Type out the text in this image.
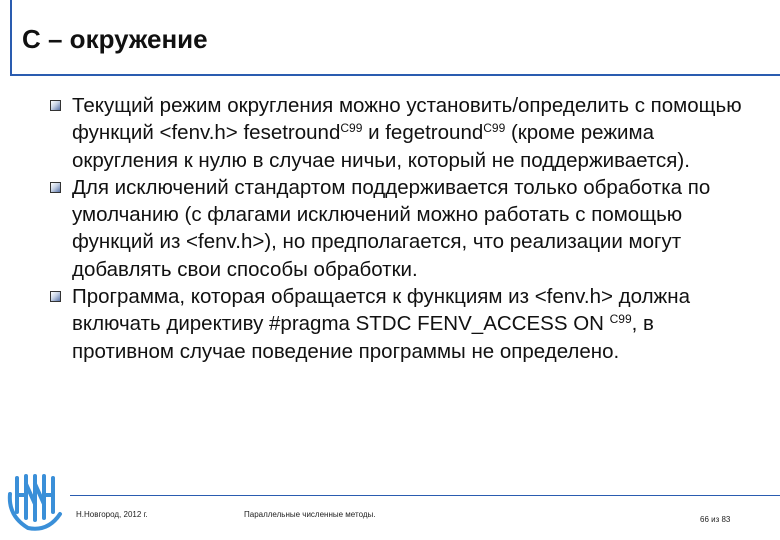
С – окружение
Текущий режим округления можно установить/определить с помощью функций <fenv.h> fesetround$^{C99}$ и fegetround$^{C99}$ (кроме режима округления к нулю в случае ничьи, который не поддерживается).
Для исключений стандартом поддерживается только обработка по умолчанию (с флагами исключений можно работать с помощью функций из <fenv.h>), но предполагается, что реализации могут добавлять свои способы обработки.
Программа, которая обращается к функциям из <fenv.h> должна включать директиву #pragma STDC FENV_ACCESS ON $^{C99}$, в противном случае поведение программы не определено.
Н.Новгород, 2012 г.	Параллельные численные методы.
66 из 83
